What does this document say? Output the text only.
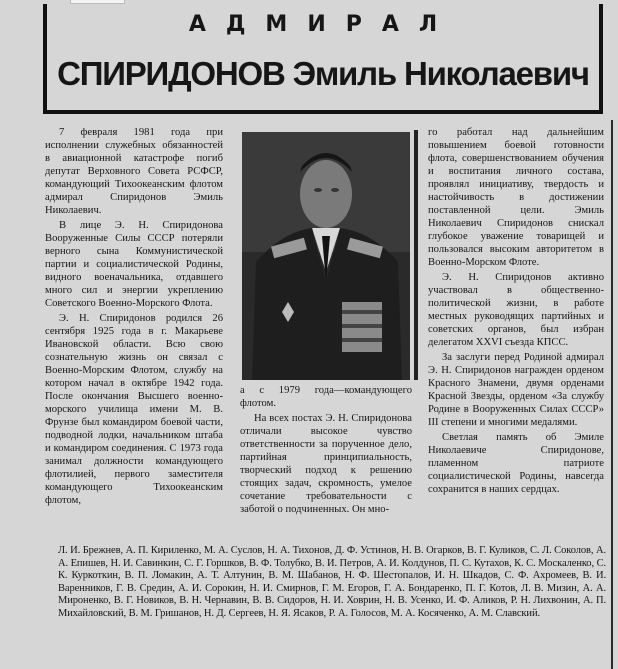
АДМИРАЛ
СПИРИДОНОВ Эмиль Николаевич

7 февраля 1981 года при исполнении служебных обязанностей в авиационной катастрофе погиб депутат Верховного Совета РСФСР, командующий Тихоокеанским флотом адмирал Спиридонов Эмиль Николаевич.

В лице Э. Н. Спиридонова Вооруженные Силы СССР потеряли верного сына Коммунистической партии и социалистической Родины, видного военачальника, отдавшего много сил и энергии укреплению Советского Военно-Морского Флота.

Э. Н. Спиридонов родился 26 сентября 1925 года в г. Макарьеве Ивановской области. Всю свою сознательную жизнь он связал с Военно-Морским Флотом, службу на котором начал в октябре 1942 года. После окончания Высшего военно-морского училища имени М. В. Фрунзе был командиром боевой части, подводной лодки, начальником штаба и командиром соединения. С 1973 года занимал должности командующего флотилией, первого заместителя командующего Тихоокеанским флотом,

а с 1979 года—командующего флотом.

На всех постах Э. Н. Спиридонова отличали высокое чувство ответственности за порученное дело, партийная принципиальность, творческий подход к решению стоящих задач, скромность, умелое сочетание требовательности с заботой о подчиненных. Он мно-

го работал над дальнейшим повышением боевой готовности флота, совершенствованием обучения и воспитания личного состава, проявлял инициативу, твердость и настойчивость в достижении поставленной цели. Эмиль Николаевич Спиридонов снискал глубокое уважение товарищей и пользовался высоким авторитетом в Военно-Морском Флоте.

Э. Н. Спиридонов активно участвовал в общественно-политической жизни, в работе местных руководящих партийных и советских органов, был избран делегатом XXVI съезда КПСС.

За заслуги перед Родиной адмирал Э. Н. Спиридонов награжден орденом Красного Знамени, двумя орденами Красной Звезды, орденом «За службу Родине в Вооруженных Силах СССР» III степени и многими медалями.

Светлая память об Эмиле Николаевиче Спиридонове, пламенном патриоте социалистической Родины, навсегда сохранится в наших сердцах.

Л. И. Брежнев, А. П. Кириленко, М. А. Суслов, Н. А. Тихонов, Д. Ф. Устинов, Н. В. Огарков, В. Г. Куликов, С. Л. Соколов, А. А. Епишев, Н. И. Савинкин, С. Г. Горшков, В. Ф. Толубко, В. И. Петров, А. И. Колдунов, П. С. Кутахов, К. С. Москаленко, С. К. Куркоткин, В. П. Ломакин, А. Т. Алтунин, В. М. Шабанов, Н. Ф. Шестопалов, И. Н. Шкадов, С. Ф. Ахромеев, В. И. Варенников, Г. В. Средин, А. И. Сорокин, Н. И. Смирнов, Г. М. Егоров, Г. А. Бондаренко, П. Г. Котов, Л. В. Мизин, А. А. Мироненко, В. Г. Новиков, В. Н. Чернавин, В. В. Сидоров, Н. И. Ховрин, Н. В. Усенко, И. Ф. Аликов, Р. Н. Лихвонин, А. П. Михайловский, В. М. Гришанов, Н. Д. Сергеев, Н. Я. Ясаков, Р. А. Голосов, М. А. Косяченко, А. М. Славский.
